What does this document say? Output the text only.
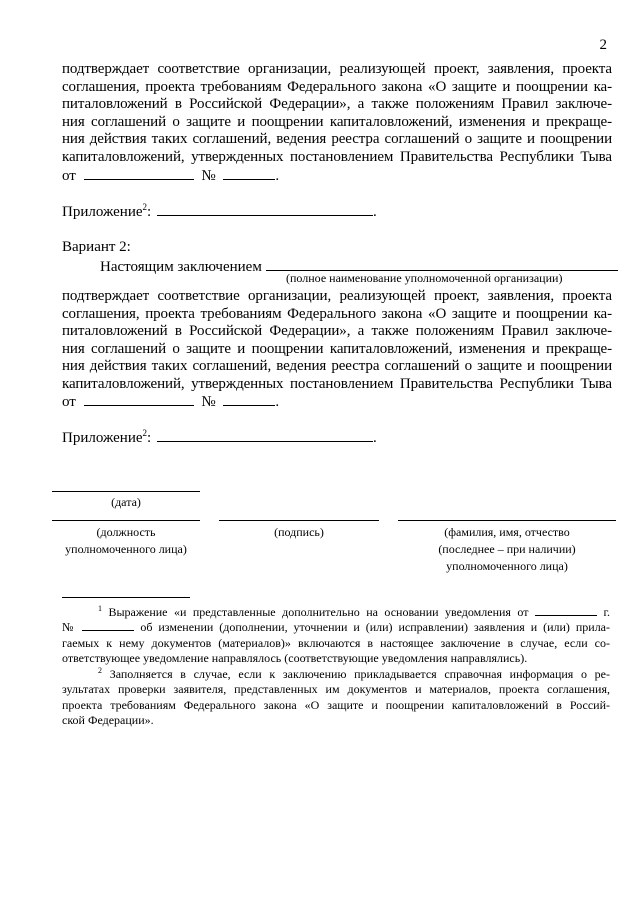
2
подтверждает соответствие организации, реализующей проект, заявления, проекта
соглашения, проекта требованиям Федерального закона «О защите и поощрении ка-
питаловложений в Российской Федерации», а также положениям Правил заключе-
ния соглашений о защите и поощрении капиталовложений, изменения и прекраще-
ния действия таких соглашений, ведения реестра соглашений о защите и поощрении
капиталовложений, утвержденных постановлением Правительства Республики Тыва
от	№	.
Приложение$^2$:	.
Вариант 2:
Настоящим заключением
(полное наименование уполномоченной организации)
подтверждает соответствие организации, реализующей проект, заявления, проекта
соглашения, проекта требованиям Федерального закона «О защите и поощрении ка-
питаловложений в Российской Федерации», а также положениям Правил заключе-
ния соглашений о защите и поощрении капиталовложений, изменения и прекраще-
ния действия таких соглашений, ведения реестра соглашений о защите и поощрении
капиталовложений, утвержденных постановлением Правительства Республики Тыва
от	№	.
Приложение$^2$:	.
(дата)
(должность
уполномоченного лица)
(подпись)	(фамилия, имя, отчество
(последнее – при наличии)
уполномоченного лица)
$^1$ Выражение «и представленные дополнительно на основании уведомления от	г.
№	об изменении (дополнении, уточнении и (или) исправлении) заявления и (или) прила-
гаемых к нему документов (материалов)» включаются в настоящее заключение в случае, если со-
ответствующее уведомление направлялось (соответствующие уведомления направлялись).
$^2$ Заполняется в случае, если к заключению прикладывается справочная информация о ре-
зультатах проверки заявителя, представленных им документов и материалов, проекта соглашения,
проекта требованиям Федерального закона «О защите и поощрении капиталовложений в Россий-
ской Федерации».
